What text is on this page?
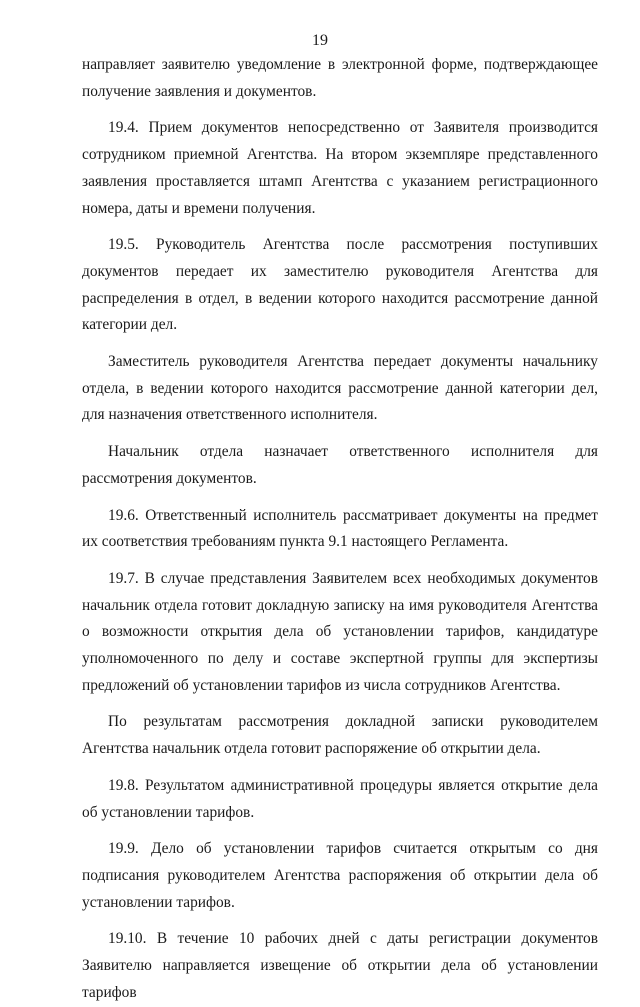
19

направляет заявителю уведомление в электронной форме, подтверждающее получение заявления и документов.

19.4. Прием документов непосредственно от Заявителя производится сотрудником приемной Агентства. На втором экземпляре представленного заявления проставляется штамп Агентства с указанием регистрационного номера, даты и времени получения.

19.5. Руководитель Агентства после рассмотрения поступивших документов передает их заместителю руководителя Агентства для распределения в отдел, в ведении которого находится рассмотрение данной категории дел.

Заместитель руководителя Агентства передает документы начальнику отдела, в ведении которого находится рассмотрение данной категории дел, для назначения ответственного исполнителя.

Начальник отдела назначает ответственного исполнителя для рассмотрения документов.

19.6. Ответственный исполнитель рассматривает документы на предмет их соответствия требованиям пункта 9.1 настоящего Регламента.

19.7. В случае представления Заявителем всех необходимых документов начальник отдела готовит докладную записку на имя руководителя Агентства о возможности открытия дела об установлении тарифов, кандидатуре уполномоченного по делу и составе экспертной группы для экспертизы предложений об установлении тарифов из числа сотрудников Агентства.

По результатам рассмотрения докладной записки руководителем Агентства начальник отдела готовит распоряжение об открытии дела.

19.8. Результатом административной процедуры является открытие дела об установлении тарифов.

19.9. Дело об установлении тарифов считается открытым со дня подписания руководителем Агентства распоряжения об открытии дела об установлении тарифов.

19.10. В течение 10 рабочих дней с даты регистрации документов Заявителю направляется извещение об открытии дела об установлении тарифов
